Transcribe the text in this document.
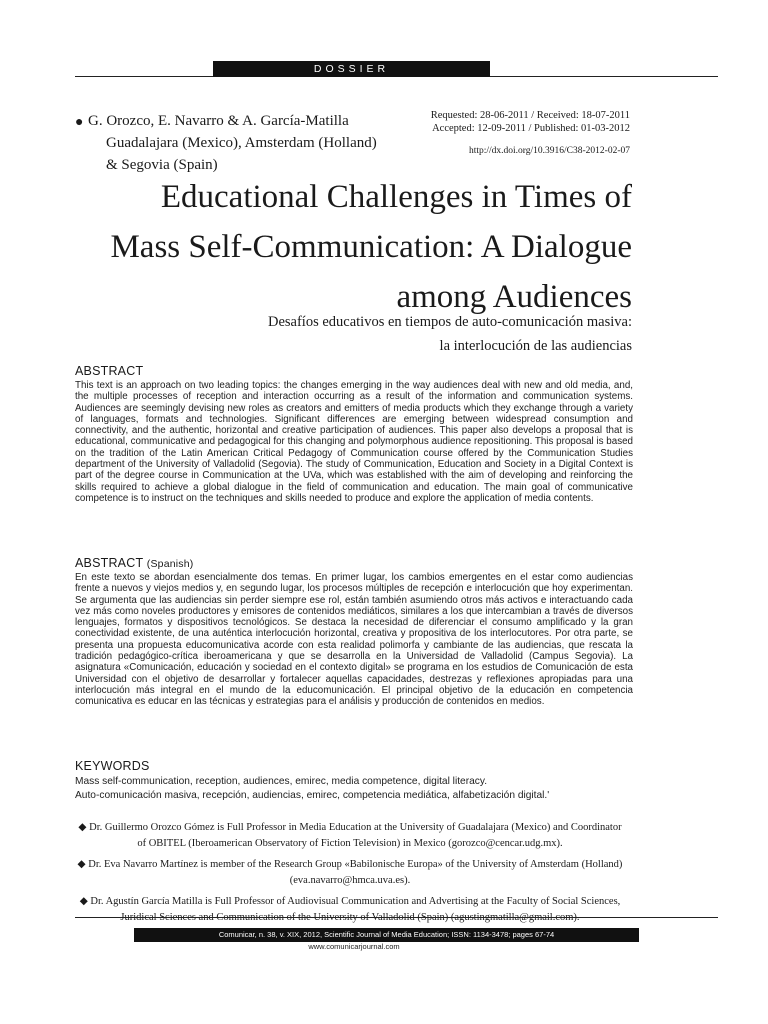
DOSSIER
● G. Orozco, E. Navarro & A. García-Matilla
Guadalajara (Mexico), Amsterdam (Holland)
& Segovia (Spain)
Requested: 28-06-2011 / Received: 18-07-2011
Accepted: 12-09-2011 / Published: 01-03-2012
http://dx.doi.org/10.3916/C38-2012-02-07
Educational Challenges in Times of
Mass Self-Communication: A Dialogue
among Audiences
Desafíos educativos en tiempos de auto-comunicación masiva:
la interlocución de las audiencias
ABSTRACT
This text is an approach on two leading topics: the changes emerging in the way audiences deal with new and old media, and, the multiple processes of reception and interaction occurring as a result of the information and communication systems. Audiences are seemingly devising new roles as creators and emitters of media products which they exchange through a variety of languages, formats and technologies. Significant differences are emerging between widespread consumption and connectivity, and the authentic, horizontal and creative participation of audiences. This paper also develops a proposal that is educational, communicative and pedagogical for this changing and polymorphous audience repositioning. This proposal is based on the tradition of the Latin American Critical Pedagogy of Communication course offered by the Communication Studies department of the University of Valladolid (Segovia). The study of Communication, Education and Society in a Digital Context is part of the degree course in Communication at the UVa, which was established with the aim of developing and reinforcing the skills required to achieve a global dialogue in the field of communication and education. The main goal of communicative competence is to instruct on the techniques and skills needed to produce and explore the application of media contents.
ABSTRACT (Spanish)
En este texto se abordan esencialmente dos temas. En primer lugar, los cambios emergentes en el estar como audiencias frente a nuevos y viejos medios y, en segundo lugar, los procesos múltiples de recepción e interlocución que hoy experimentan. Se argumenta que las audiencias sin perder siempre ese rol, están también asumiendo otros más activos e interactuando cada vez más como noveles productores y emisores de contenidos mediáticos, similares a los que intercambian a través de diversos lenguajes, formatos y dispositivos tecnológicos. Se destaca la necesidad de diferenciar el consumo amplificado y la gran conectividad existente, de una auténtica interlocución horizontal, creativa y propositiva de los interlocutores. Por otra parte, se presenta una propuesta educomunicativa acorde con esta realidad polimorfa y cambiante de las audiencias, que rescata la tradición pedagógico-crítica iberoamericana y que se desarrolla en la Universidad de Valladolid (Campus Segovia). La asignatura «Comunicación, educación y sociedad en el contexto digital» se programa en los estudios de Comunicación de esta Universidad con el objetivo de desarrollar y fortalecer aquellas capacidades, destrezas y reflexiones apropiadas para una interlocución más integral en el mundo de la educomunicación. El principal objetivo de la educación en competencia comunicativa es educar en las técnicas y estrategias para el análisis y producción de contenidos en medios.
KEYWORDS
Mass self-communication, reception, audiences, emirec, media competence, digital literacy.
Auto-comunicación masiva, recepción, audiencias, emirec, competencia mediática, alfabetización digital.'
◆ Dr. Guillermo Orozco Gómez is Full Professor in Media Education at the University of Guadalajara (Mexico) and Coordinator of OBITEL (Iberoamerican Observatory of Fiction Television) in Mexico (gorozco@cencar.udg.mx).
◆ Dr. Eva Navarro Martínez is member of the Research Group «Babilonische Europa» of the University of Amsterdam (Holland) (eva.navarro@hmca.uva.es).
◆ Dr. Agustín García Matilla is Full Professor of Audiovisual Communication and Advertising at the Faculty of Social Sciences,
Comunicar, n. 38, v. XIX, 2012, Scientific Journal of Media Education; ISSN: 1134-3478; pages 67-74
www.comunicarjournal.com
